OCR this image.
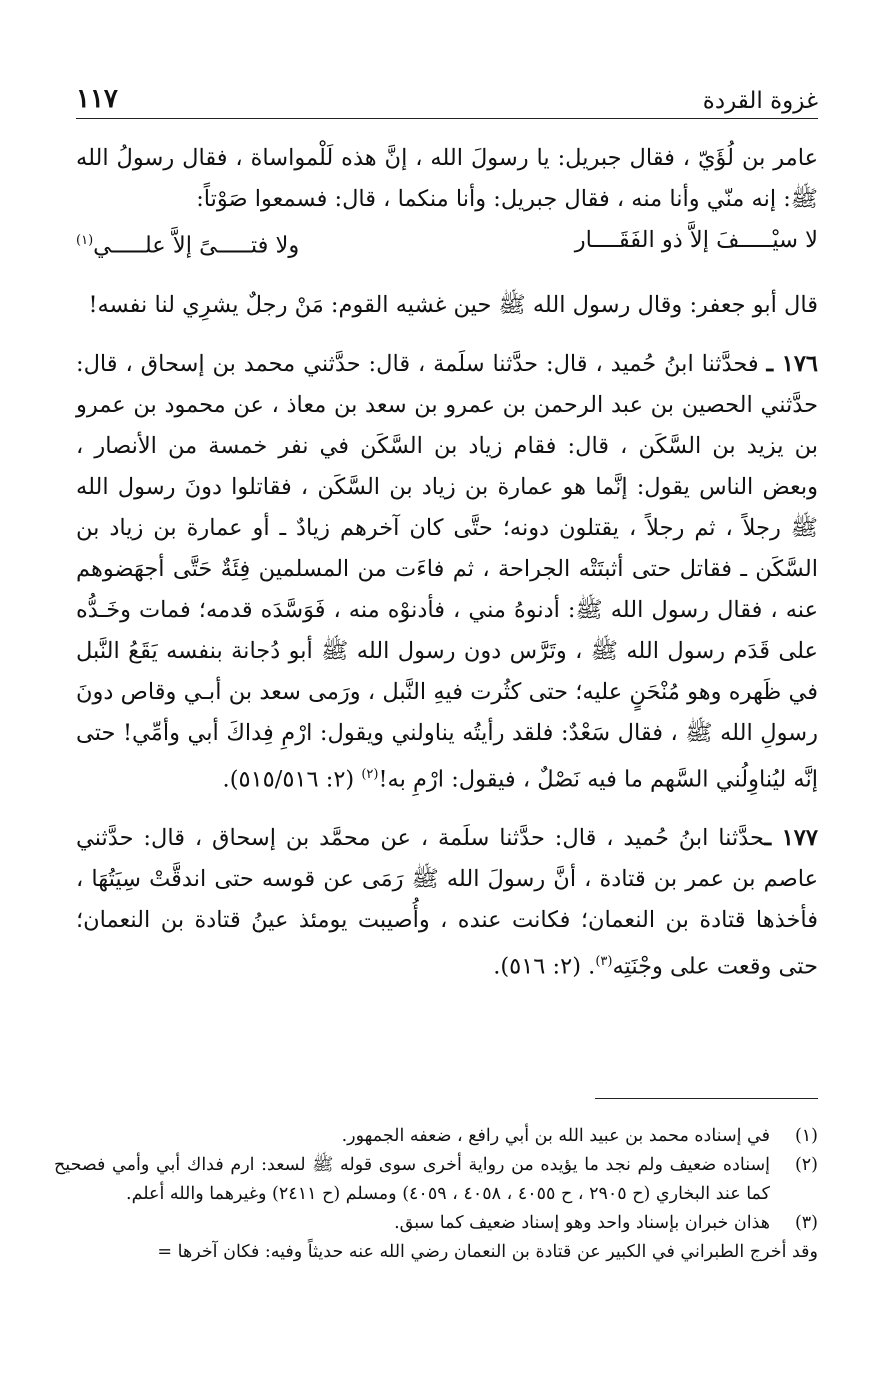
غزوة القردة
١١٧

عامر بن لُؤَيّ ، فقال جبريل: يا رسولَ الله ، إنَّ هذه لَلْمواساة ، فقال رسولُ الله ﷺ: إنه منّي وأنا منه ، فقال جبريل: وأنا منكما ، قال: فسمعوا صَوْتاً:

لا سيْـــــفَ إلاَّ ذو الفَقَــــار
ولا فتـــــىً إلاَّ علـــــي$^{(١)}$

قال أبو جعفر: وقال رسول الله ﷺ حين غشيه القوم: مَنْ رجلٌ يشرِي لنا نفسه!

١٧٦ ـ فحدَّثنا ابنُ حُميد ، قال: حدَّثنا سلَمة ، قال: حدَّثني محمد بن إسحاق ، قال: حدَّثني الحصين بن عبد الرحمن بن عمرو بن سعد بن معاذ ، عن محمود بن عمرو بن يزيد بن السَّكَن ، قال: فقام زياد بن السَّكَن في نفر خمسة من الأنصار ، وبعض الناس يقول: إنَّما هو عمارة بن زياد بن السَّكَن ، فقاتلوا دونَ رسول الله ﷺ رجلاً ، ثم رجلاً ، يقتلون دونه؛ حتَّى كان آخرهم زيادٌ ـ أو عمارة بن زياد بن السَّكَن ـ فقاتل حتى أثبتَتْه الجراحة ، ثم فاءَت من المسلمين فِئَةٌ حَتَّى أجهَضوهم عنه ، فقال رسول الله ﷺ: أدنوهُ مني ، فأدنوْه منه ، فَوَسَّدَه قدمه؛ فمات وخَـدُّه على قَدَم رسول الله ﷺ ، وتَرَّس دون رسول الله ﷺ أبو دُجانة بنفسه يَقَعُ النَّبل في ظَهره وهو مُنْحَنٍ عليه؛ حتى كثُرت فيهِ النَّبل ، ورَمى سعد بن أبـي وقاص دونَ رسولِ الله ﷺ ، فقال سَعْدٌ: فلقد رأيتُه يناولني ويقول: ارْمِ فِداكَ أبي وأمِّي! حتى إنَّه ليُناوِلُني السَّهم ما فيه نَصْلٌ ، فيقول: ارْمِ به!$^{(٢)}$ (٢: ٥١٥/٥١٦).

١٧٧ ـحدَّثنا ابنُ حُميد ، قال: حدَّثنا سلَمة ، عن محمَّد بن إسحاق ، قال: حدَّثني عاصم بن عمر بن قتادة ، أنَّ رسولَ الله ﷺ رَمَى عن قوسه حتى اندقَّتْ سِيَتُهَا ، فأخذها قتادة بن النعمان؛ فكانت عنده ، وأُصيبت يومئذ عينُ قتادة بن النعمان؛ حتى وقعت على وجْنَتِه$^{(٣)}$. (٢: ٥١٦).

(١)
في إسناده محمد بن عبيد الله بن أبي رافع ، ضعفه الجمهور.
(٢)
إسناده ضعيف ولم نجد ما يؤيده من رواية أخرى سوى قوله ﷺ لسعد: ارم فداك أبي وأمي فصحيح كما عند البخاري (ح ٢٩٠٥ ، ح ٤٠٥٥ ، ٤٠٥٨ ، ٤٠٥٩) ومسلم (ح ٢٤١١) وغيرهما والله أعلم.
(٣)
هذان خبران بإسناد واحد وهو إسناد ضعيف كما سبق.
وقد أخرج الطبراني في الكبير عن قتادة بن النعمان رضي الله عنه حديثاً وفيه: فكان آخرها =
